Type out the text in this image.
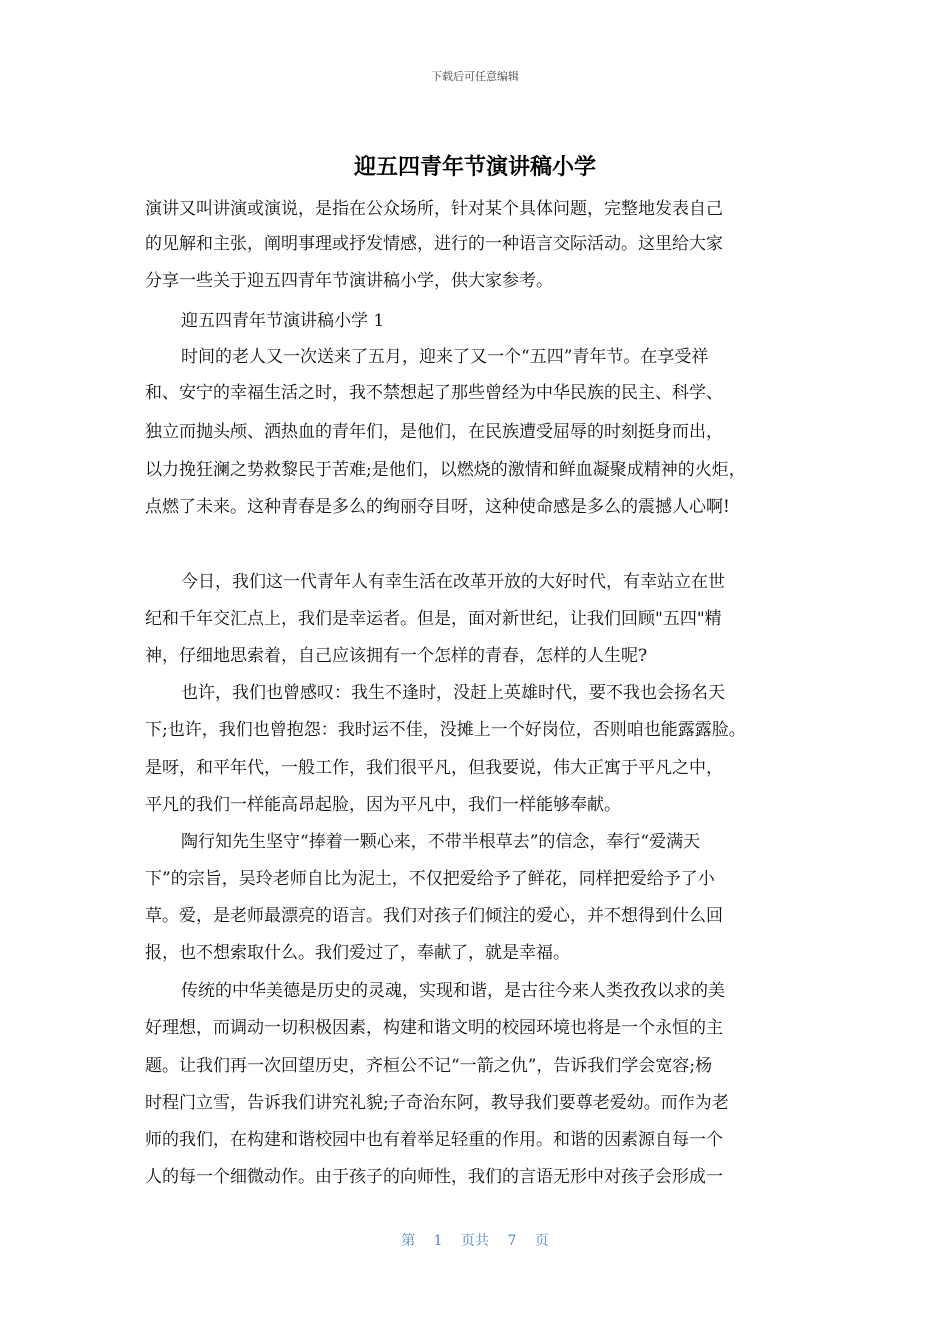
下载后可任意编辑
迎五四青年节演讲稿小学
演讲又叫讲演或演说，是指在公众场所，针对某个具体问题，完整地发表自己
的见解和主张，阐明事理或抒发情感，进行的一种语言交际活动。这里给大家
分享一些关于迎五四青年节演讲稿小学，供大家参考。
迎五四青年节演讲稿小学 1
时间的老人又一次送来了五月，迎来了又一个“五四”青年节。在享受祥
和、安宁的幸福生活之时，我不禁想起了那些曾经为中华民族的民主、科学、
独立而抛头颅、洒热血的青年们，是他们，在民族遭受屈辱的时刻挺身而出，
以力挽狂澜之势救黎民于苦难;是他们，以燃烧的激情和鲜血凝聚成精神的火炬，
点燃了未来。这种青春是多么的绚丽夺目呀，这种使命感是多么的震撼人心啊!
今日，我们这一代青年人有幸生活在改革开放的大好时代，有幸站立在世
纪和千年交汇点上，我们是幸运者。但是，面对新世纪，让我们回顾"五四"精
神，仔细地思索着，自己应该拥有一个怎样的青春，怎样的人生呢?
也许，我们也曾感叹：我生不逢时，没赶上英雄时代，要不我也会扬名天
下;也许，我们也曾抱怨：我时运不佳，没摊上一个好岗位，否则咱也能露露脸。
是呀，和平年代，一般工作，我们很平凡，但我要说，伟大正寓于平凡之中，
平凡的我们一样能高昂起脸，因为平凡中，我们一样能够奉献。
陶行知先生坚守“捧着一颗心来，不带半根草去”的信念，奉行“爱满天
下”的宗旨，吴玲老师自比为泥土，不仅把爱给予了鲜花，同样把爱给予了小
草。爱，是老师最漂亮的语言。我们对孩子们倾注的爱心，并不想得到什么回
报，也不想索取什么。我们爱过了，奉献了，就是幸福。
传统的中华美德是历史的灵魂，实现和谐，是古往今来人类孜孜以求的美
好理想，而调动一切积极因素，构建和谐文明的校园环境也将是一个永恒的主
题。让我们再一次回望历史，齐桓公不记“一箭之仇”，告诉我们学会宽容;杨
时程门立雪，告诉我们讲究礼貌;子奇治东阿，教导我们要尊老爱幼。而作为老
师的我们，在构建和谐校园中也有着举足轻重的作用。和谐的因素源自每一个
人的每一个细微动作。由于孩子的向师性，我们的言语无形中对孩子会形成一
第 1 页共 7 页
